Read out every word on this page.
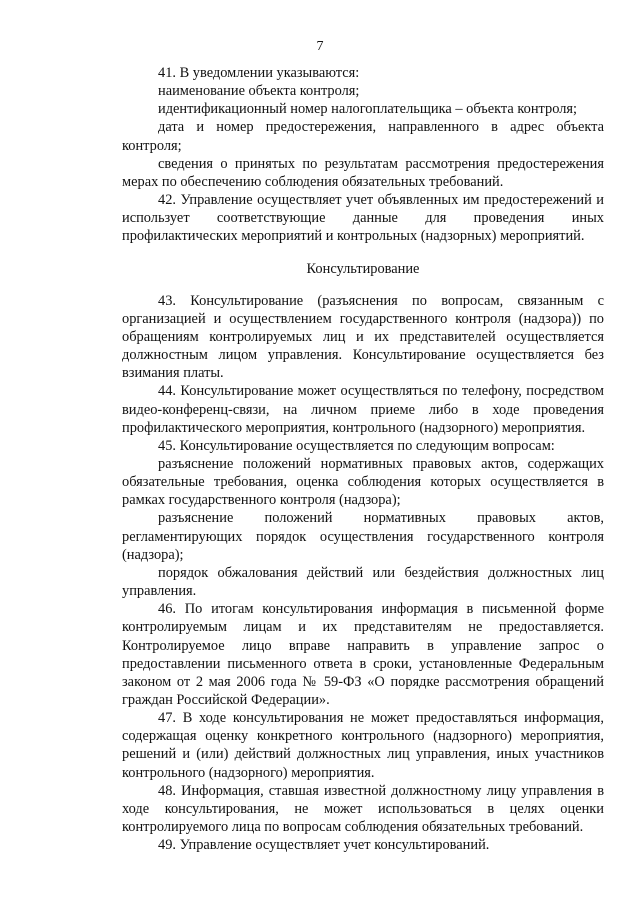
7

41. В уведомлении указываются:

наименование объекта контроля;

идентификационный номер налогоплательщика – объекта контроля;

дата и номер предостережения, направленного в адрес объекта контроля;

сведения о принятых по результатам рассмотрения предостережения мерах по обеспечению соблюдения обязательных требований.

42. Управление осуществляет учет объявленных им предостережений и использует соответствующие данные для проведения иных профилактических мероприятий и контрольных (надзорных) мероприятий.

Консультирование

43. Консультирование (разъяснения по вопросам, связанным с организацией и осуществлением государственного контроля (надзора)) по обращениям контролируемых лиц и их представителей осуществляется должностным лицом управления. Консультирование осуществляется без взимания платы.

44. Консультирование может осуществляться по телефону, посредством видео-конференц-связи, на личном приеме либо в ходе проведения профилактического мероприятия, контрольного (надзорного) мероприятия.

45. Консультирование осуществляется по следующим вопросам:

разъяснение положений нормативных правовых актов, содержащих обязательные требования, оценка соблюдения которых осуществляется в рамках государственного контроля (надзора);

разъяснение положений нормативных правовых актов, регламентирующих порядок осуществления государственного контроля (надзора);

порядок обжалования действий или бездействия должностных лиц управления.

46. По итогам консультирования информация в письменной форме контролируемым лицам и их представителям не предоставляется. Контролируемое лицо вправе направить в управление запрос о предоставлении письменного ответа в сроки, установленные Федеральным законом от 2 мая 2006 года № 59-ФЗ «О порядке рассмотрения обращений граждан Российской Федерации».

47. В ходе консультирования не может предоставляться информация, содержащая оценку конкретного контрольного (надзорного) мероприятия, решений и (или) действий должностных лиц управления, иных участников контрольного (надзорного) мероприятия.

48. Информация, ставшая известной должностному лицу управления в ходе консультирования, не может использоваться в целях оценки контролируемого лица по вопросам соблюдения обязательных требований.

49. Управление осуществляет учет консультирований.
